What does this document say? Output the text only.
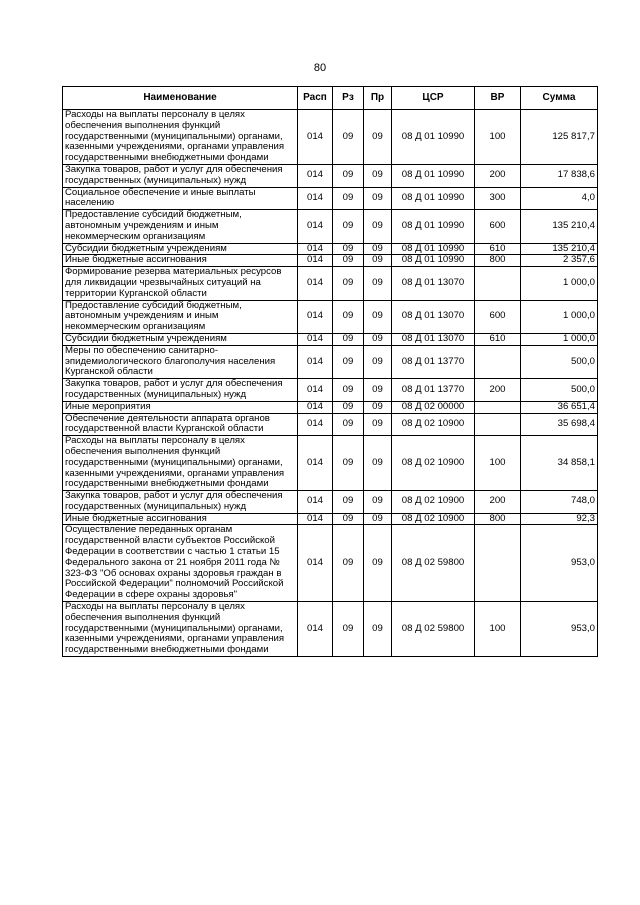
80
Наименование	Расп	Рз	Пр	ЦСР	ВР	Сумма
Расходы на выплаты персоналу в целях обеспечения выполнения функций государственными (муниципальными) органами, казенными учреждениями, органами управления государственными внебюджетными фондами	014	09	09	08 Д 01 10990	100	125 817,7
Закупка товаров, работ и услуг для обеспечения государственных (муниципальных) нужд	014	09	09	08 Д 01 10990	200	17 838,6
Социальное обеспечение и иные выплаты населению	014	09	09	08 Д 01 10990	300	4,0
Предоставление субсидий бюджетным, автономным учреждениям и иным некоммерческим организациям	014	09	09	08 Д 01 10990	600	135 210,4
Субсидии бюджетным учреждениям	014	09	09	08 Д 01 10990	610	135 210,4
Иные бюджетные ассигнования	014	09	09	08 Д 01 10990	800	2 357,6
Формирование резерва материальных ресурсов для ликвидации чрезвычайных ситуаций на территории Курганской области	014	09	09	08 Д 01 13070		1 000,0
Предоставление субсидий бюджетным, автономным учреждениям и иным некоммерческим организациям	014	09	09	08 Д 01 13070	600	1 000,0
Субсидии бюджетным учреждениям	014	09	09	08 Д 01 13070	610	1 000,0
Меры по обеспечению санитарно-эпидемиологического благополучия населения Курганской области	014	09	09	08 Д 01 13770		500,0
Закупка товаров, работ и услуг для обеспечения государственных (муниципальных) нужд	014	09	09	08 Д 01 13770	200	500,0
Иные мероприятия	014	09	09	08 Д 02 00000		36 651,4
Обеспечение деятельности аппарата органов государственной власти Курганской области	014	09	09	08 Д 02 10900		35 698,4
Расходы на выплаты персоналу в целях обеспечения выполнения функций государственными (муниципальными) органами, казенными учреждениями, органами управления государственными внебюджетными фондами	014	09	09	08 Д 02 10900	100	34 858,1
Закупка товаров, работ и услуг для обеспечения государственных (муниципальных) нужд	014	09	09	08 Д 02 10900	200	748,0
Иные бюджетные ассигнования	014	09	09	08 Д 02 10900	800	92,3
Осуществление переданных органам государственной власти субъектов Российской Федерации в соответствии с частью 1 статьи 15 Федерального закона от 21 ноября 2011 года № 323-ФЗ "Об основах охраны здоровья граждан в Российской Федерации" полномочий Российской Федерации в сфере охраны здоровья"	014	09	09	08 Д 02 59800		953,0
Расходы на выплаты персоналу в целях обеспечения выполнения функций государственными (муниципальными) органами, казенными учреждениями, органами управления государственными внебюджетными фондами	014	09	09	08 Д 02 59800	100	953,0
